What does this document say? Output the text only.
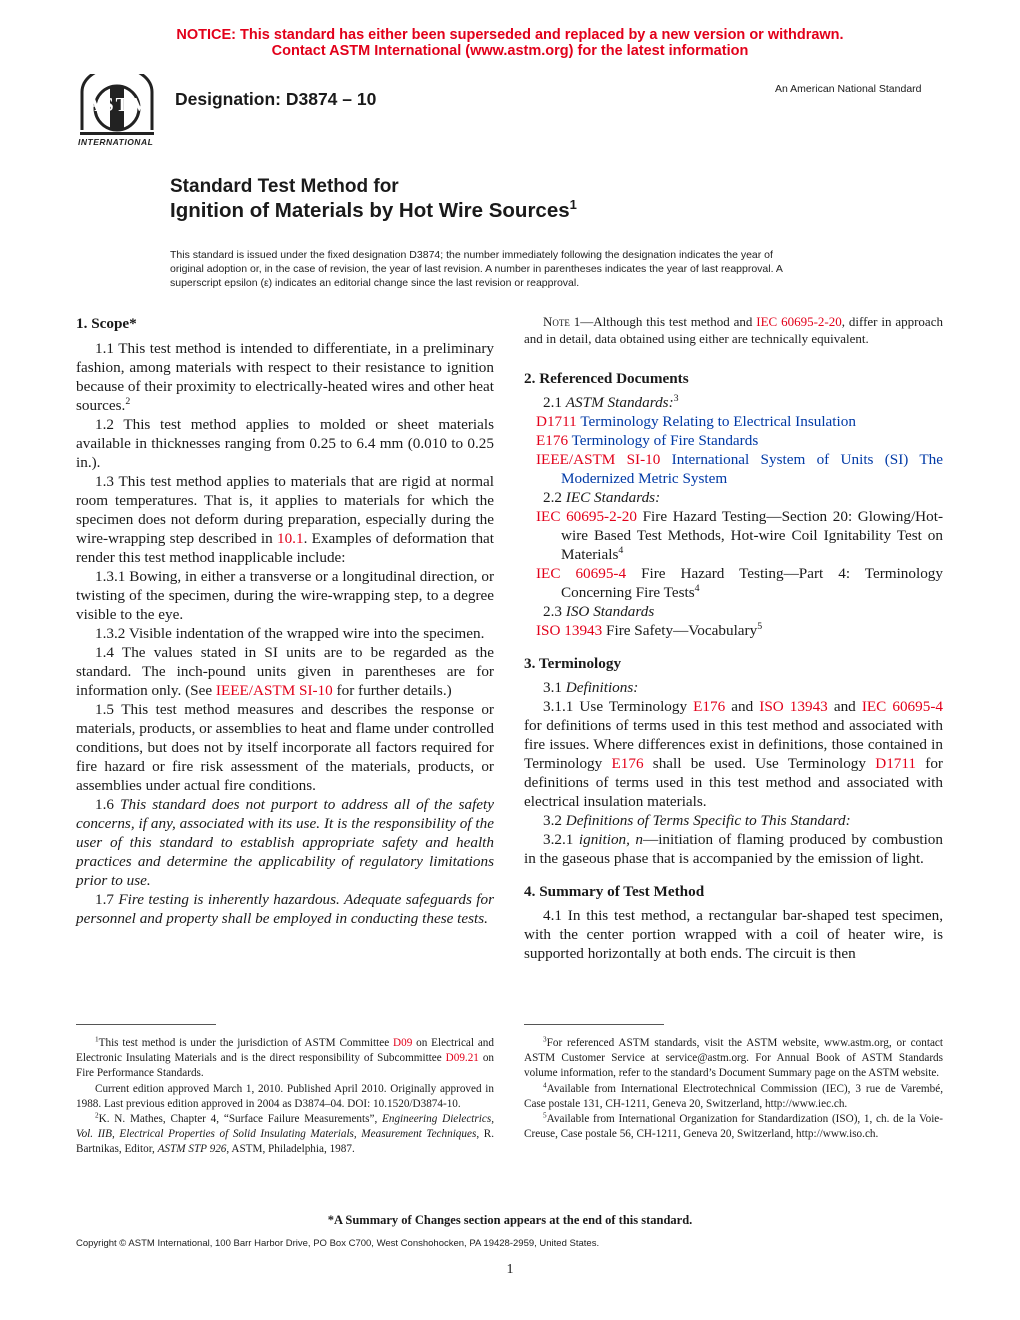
NOTICE: This standard has either been superseded and replaced by a new version or withdrawn.
Contact ASTM International (www.astm.org) for the latest information
ASTM
INTERNATIONAL
Designation: D3874 – 10	An American National Standard
Standard Test Method for
Ignition of Materials by Hot Wire Sources$^1$
This standard is issued under the fixed designation D3874; the number immediately following the designation indicates the year of
original adoption or, in the case of revision, the year of last revision. A number in parentheses indicates the year of last reapproval. A
superscript epsilon (ε) indicates an editorial change since the last revision or reapproval.
1. Scope*

1.1 This test method is intended to differentiate, in a preliminary fashion, among materials with respect to their resistance to ignition because of their proximity to electrically-heated wires and other heat sources.$^2$

1.2 This test method applies to molded or sheet materials available in thicknesses ranging from 0.25 to 6.4 mm (0.010 to 0.25 in.).

1.3 This test method applies to materials that are rigid at normal room temperatures. That is, it applies to materials for which the specimen does not deform during preparation, especially during the wire-wrapping step described in 10.1. Examples of deformation that render this test method inapplicable include:

1.3.1 Bowing, in either a transverse or a longitudinal direction, or twisting of the specimen, during the wire-wrapping step, to a degree visible to the eye.

1.3.2 Visible indentation of the wrapped wire into the specimen.

1.4 The values stated in SI units are to be regarded as the standard. The inch-pound units given in parentheses are for information only. (See IEEE/ASTM SI-10 for further details.)

1.5 This test method measures and describes the response or materials, products, or assemblies to heat and flame under controlled conditions, but does not by itself incorporate all factors required for fire hazard or fire risk assessment of the materials, products, or assemblies under actual fire conditions.

1.6 This standard does not purport to address all of the safety concerns, if any, associated with its use. It is the responsibility of the user of this standard to establish appropriate safety and health practices and determine the applicability of regulatory limitations prior to use.

1.7 Fire testing is inherently hazardous. Adequate safeguards for personnel and property shall be employed in conducting these tests.

Note 1—Although this test method and IEC 60695-2-20, differ in approach and in detail, data obtained using either are technically equivalent.

2. Referenced Documents

2.1 ASTM Standards:$^3$

D1711 Terminology Relating to Electrical Insulation

E176 Terminology of Fire Standards

IEEE/ASTM SI-10 International System of Units (SI) The Modernized Metric System

2.2 IEC Standards:

IEC 60695-2-20 Fire Hazard Testing—Section 20: Glowing/Hot-wire Based Test Methods, Hot-wire Coil Ignitability Test on Materials$^4$

IEC 60695-4 Fire Hazard Testing—Part 4: Terminology Concerning Fire Tests$^4$

2.3 ISO Standards

ISO 13943 Fire Safety—Vocabulary$^5$

3. Terminology

3.1 Definitions:

3.1.1 Use Terminology E176 and ISO 13943 and IEC 60695-4 for definitions of terms used in this test method and associated with fire issues. Where differences exist in definitions, those contained in Terminology E176 shall be used. Use Terminology D1711 for definitions of terms used in this test method and associated with electrical insulation materials.

3.2 Definitions of Terms Specific to This Standard:

3.2.1 ignition, n—initiation of flaming produced by combustion in the gaseous phase that is accompanied by the emission of light.

4. Summary of Test Method

4.1 In this test method, a rectangular bar-shaped test specimen, with the center portion wrapped with a coil of heater wire, is supported horizontally at both ends. The circuit is then

$^1$This test method is under the jurisdiction of ASTM Committee D09 on Electrical and Electronic Insulating Materials and is the direct responsibility of Subcommittee D09.21 on Fire Performance Standards.

Current edition approved March 1, 2010. Published April 2010. Originally approved in 1988. Last previous edition approved in 2004 as D3874–04. DOI: 10.1520/D3874-10.

$^2$K. N. Mathes, Chapter 4, “Surface Failure Measurements”, Engineering Dielectrics, Vol. IIB, Electrical Properties of Solid Insulating Materials, Measurement Techniques, R. Bartnikas, Editor, ASTM STP 926, ASTM, Philadelphia, 1987.

$^3$For referenced ASTM standards, visit the ASTM website, www.astm.org, or contact ASTM Customer Service at service@astm.org. For Annual Book of ASTM Standards volume information, refer to the standard’s Document Summary page on the ASTM website.

$^4$Available from International Electrotechnical Commission (IEC), 3 rue de Varembé, Case postale 131, CH-1211, Geneva 20, Switzerland, http://www.iec.ch.

$^5$Available from International Organization for Standardization (ISO), 1, ch. de la Voie-Creuse, Case postale 56, CH-1211, Geneva 20, Switzerland, http://www.iso.ch.

*A Summary of Changes section appears at the end of this standard.
Copyright © ASTM International, 100 Barr Harbor Drive, PO Box C700, West Conshohocken, PA 19428-2959, United States.
1
